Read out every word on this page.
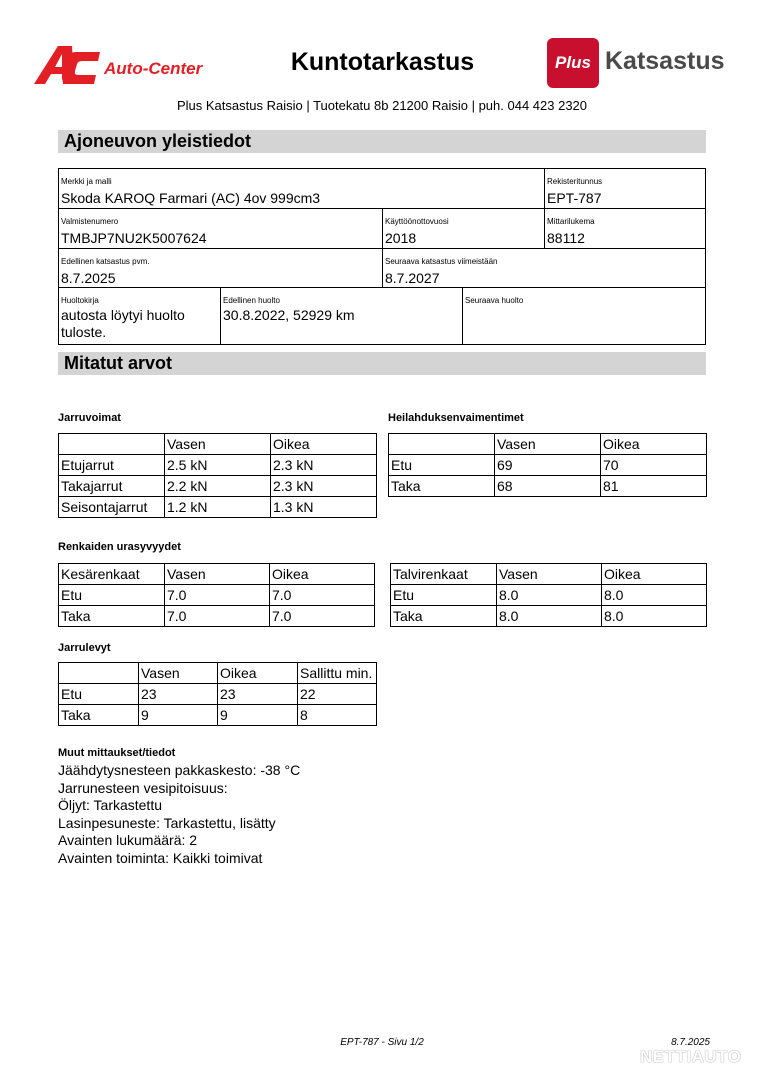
Auto-Center	Kuntotarkastus	Plus Katsastus
Plus Katsastus Raisio | Tuotekatu 8b 21200 Raisio | puh. 044 423 2320
Ajoneuvon yleistiedot
Merkki ja malli
Skoda KAROQ Farmari (AC) 4ov 999cm3
Rekisteritunnus
EPT-787
Valmistenumero
TMBJP7NU2K5007624
Käyttöönottovuosi
2018
Mittarilukema
88112
Edellinen katsastus pvm.
8.7.2025
Seuraava katsastus viimeistään
8.7.2027
Huoltokirja
autosta löytyi huolto
tuloste.
Edellinen huolto
30.8.2022, 52929 km
Seuraava huolto
Mitatut arvot
Jarruvoimat
	Vasen	Oikea
Etujarrut	2.5 kN	2.3 kN
Takajarrut	2.2 kN	2.3 kN
Seisontajarrut	1.2 kN	1.3 kN
Heilahduksenvaimentimet
	Vasen	Oikea
Etu	69	70
Taka	68	81
Renkaiden urasyvyydet
Kesärenkaat	Vasen	Oikea
Etu	7.0	7.0
Taka	7.0	7.0
Talvirenkaat	Vasen	Oikea
Etu	8.0	8.0
Taka	8.0	8.0
Jarrulevyt
	Vasen	Oikea	Sallittu min.
Etu	23	23	22
Taka	9	9	8
Muut mittaukset/tiedot
Jäähdytysnesteen pakkaskesto: -38 °C
Jarrunesteen vesipitoisuus:
Öljyt: Tarkastettu
Lasinpesuneste: Tarkastettu, lisätty
Avainten lukumäärä: 2
Avainten toiminta: Kaikki toimivat
EPT-787 - Sivu 1/2	8.7.2025
NETTIAUTO
